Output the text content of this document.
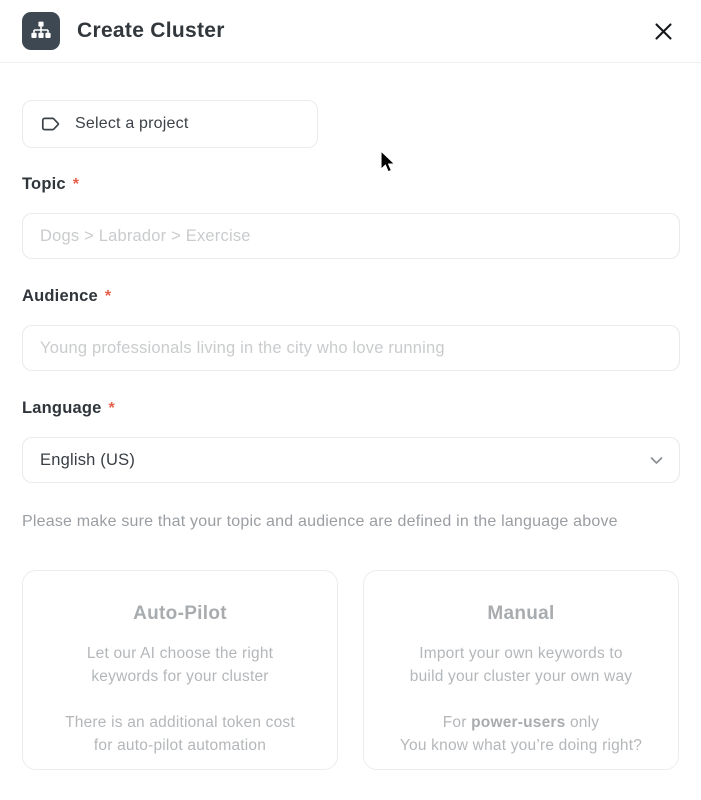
Create Cluster
Select a project
Topic *
Dogs > Labrador > Exercise
Audience *
Young professionals living in the city who love running
Language *
English (US)
Please make sure that your topic and audience are defined in the language above
Auto-Pilot
Let our AI choose the right
keywords for your cluster
There is an additional token cost
for auto-pilot automation
Manual
Import your own keywords to
build your cluster your own way
For power-users only
You know what you’re doing right?
